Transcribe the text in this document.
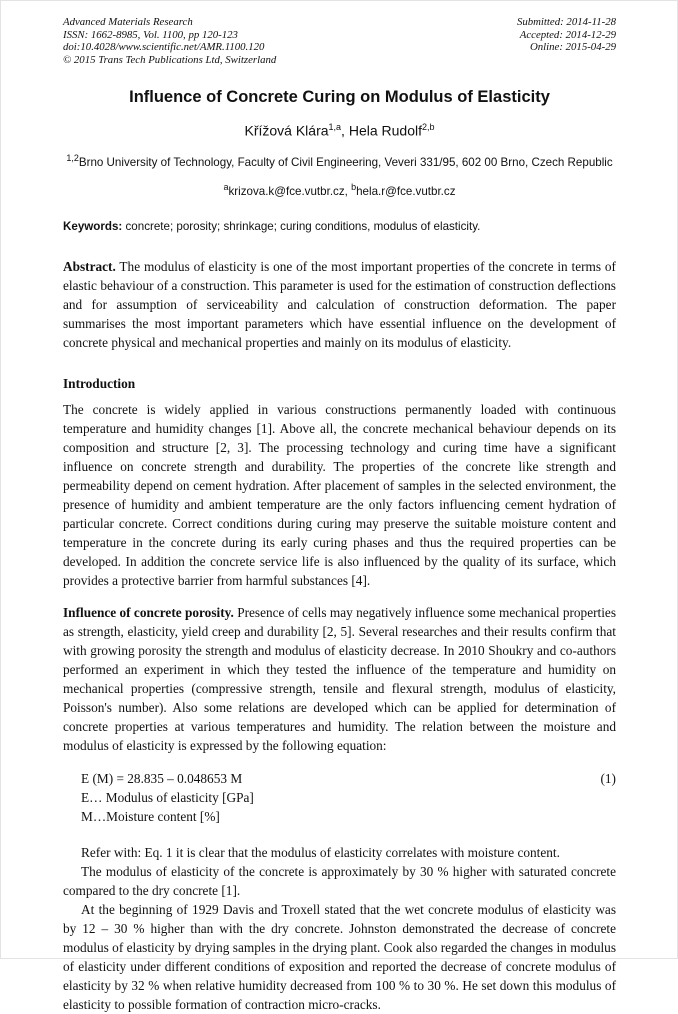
Advanced Materials Research
ISSN: 1662-8985, Vol. 1100, pp 120-123
doi:10.4028/www.scientific.net/AMR.1100.120
© 2015 Trans Tech Publications Ltd, Switzerland
Submitted: 2014-11-28
Accepted: 2014-12-29
Online: 2015-04-29
Influence of Concrete Curing on Modulus of Elasticity
Křížová Klára$^{1,a}$, Hela Rudolf$^{2,b}$
$^{1,2}$Brno University of Technology, Faculty of Civil Engineering, Veveri 331/95, 602 00 Brno, Czech Republic
$^a$krizova.k@fce.vutbr.cz, $^b$hela.r@fce.vutbr.cz
Keywords: concrete; porosity; shrinkage; curing conditions, modulus of elasticity.

Abstract. The modulus of elasticity is one of the most important properties of the concrete in terms of elastic behaviour of a construction. This parameter is used for the estimation of construction deflections and for assumption of serviceability and calculation of construction deformation. The paper summarises the most important parameters which have essential influence on the development of concrete physical and mechanical properties and mainly on its modulus of elasticity.

Introduction

The concrete is widely applied in various constructions permanently loaded with continuous temperature and humidity changes [1]. Above all, the concrete mechanical behaviour depends on its composition and structure [2, 3]. The processing technology and curing time have a significant influence on concrete strength and durability. The properties of the concrete like strength and permeability depend on cement hydration. After placement of samples in the selected environment, the presence of humidity and ambient temperature are the only factors influencing cement hydration of particular concrete. Correct conditions during curing may preserve the suitable moisture content and temperature in the concrete during its early curing phases and thus the required properties can be developed. In addition the concrete service life is also influenced by the quality of its surface, which provides a protective barrier from harmful substances [4].

Influence of concrete porosity. Presence of cells may negatively influence some mechanical properties as strength, elasticity, yield creep and durability [2, 5]. Several researches and their results confirm that with growing porosity the strength and modulus of elasticity decrease. In 2010 Shoukry and co-authors performed an experiment in which they tested the influence of the temperature and humidity on mechanical properties (compressive strength, tensile and flexural strength, modulus of elasticity, Poisson's number). Also some relations are developed which can be applied for determination of concrete properties at various temperatures and humidity. The relation between the moisture and modulus of elasticity is expressed by the following equation:

E (M) = 28.835 – 0.048653 M	(1)
E… Modulus of elasticity [GPa]
M…Moisture content [%]

Refer with: Eq. 1 it is clear that the modulus of elasticity correlates with moisture content.

The modulus of elasticity of the concrete is approximately by 30 % higher with saturated concrete compared to the dry concrete [1].

At the beginning of 1929 Davis and Troxell stated that the wet concrete modulus of elasticity was by 12 – 30 % higher than with the dry concrete. Johnston demonstrated the decrease of concrete modulus of elasticity by drying samples in the drying plant. Cook also regarded the changes in modulus of elasticity under different conditions of exposition and reported the decrease of concrete modulus of elasticity by 32 % when relative humidity decreased from 100 % to 30 %. He set down this modulus of elasticity to possible formation of contraction micro-cracks.
